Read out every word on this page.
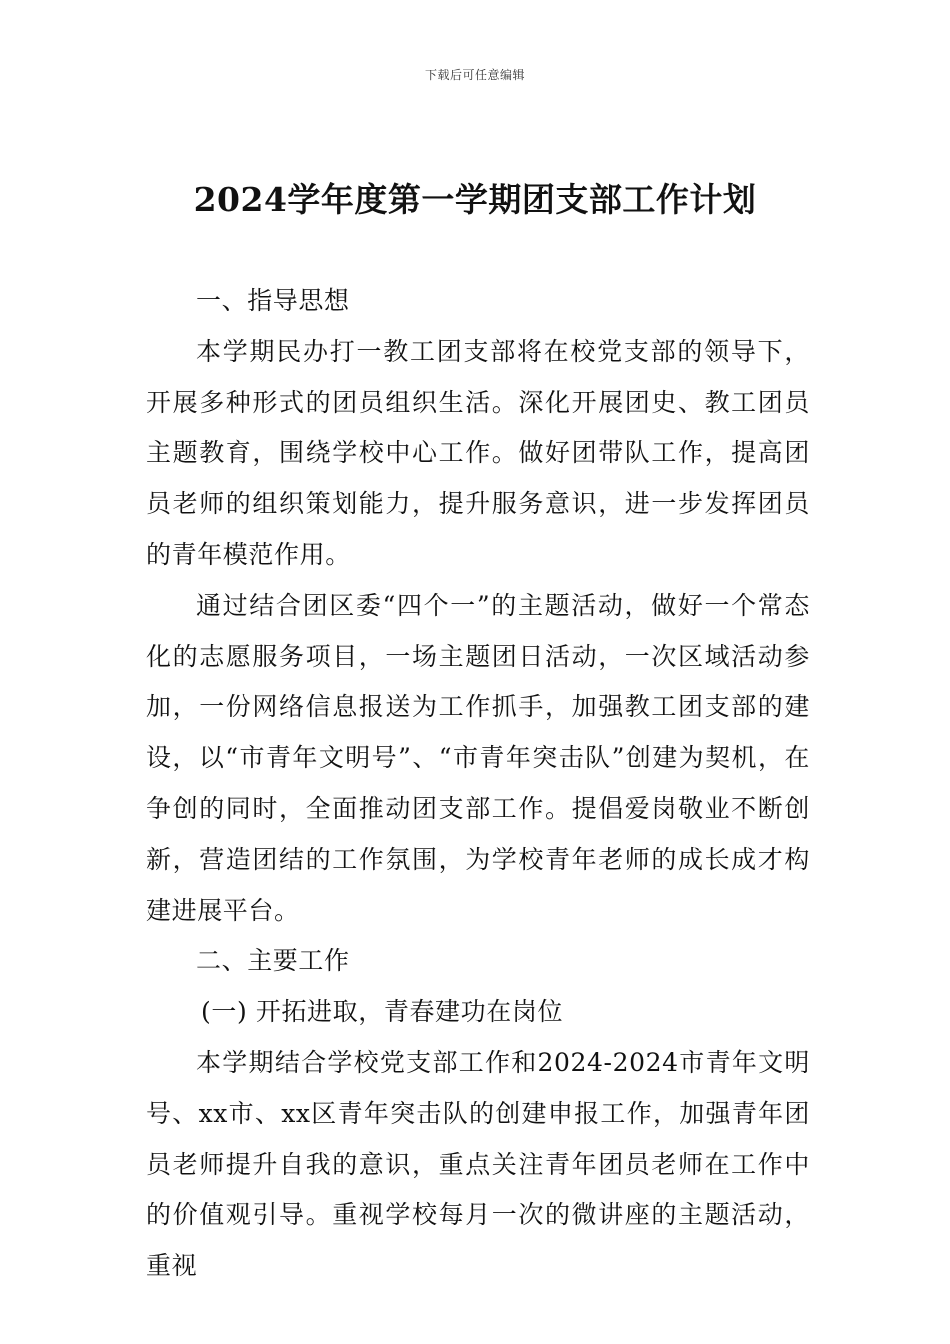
下载后可任意编辑
2024学年度第一学期团支部工作计划

一、指导思想

本学期民办打一教工团支部将在校党支部的领导下，开展多种形式的团员组织生活。深化开展团史、教工团员主题教育，围绕学校中心工作。做好团带队工作，提高团员老师的组织策划能力，提升服务意识，进一步发挥团员的青年模范作用。

通过结合团区委“四个一”的主题活动，做好一个常态化的志愿服务项目，一场主题团日活动，一次区域活动参加，一份网络信息报送为工作抓手，加强教工团支部的建设，以“市青年文明号”、“市青年突击队”创建为契机，在争创的同时，全面推动团支部工作。提倡爱岗敬业不断创新，营造团结的工作氛围，为学校青年老师的成长成才构建进展平台。

二、主要工作

(一) 开拓进取，青春建功在岗位

本学期结合学校党支部工作和2024-2024市青年文明号、xx市、xx区青年突击队的创建申报工作，加强青年团员老师提升自我的意识，重点关注青年团员老师在工作中的价值观引导。重视学校每月一次的微讲座的主题活动，重视
